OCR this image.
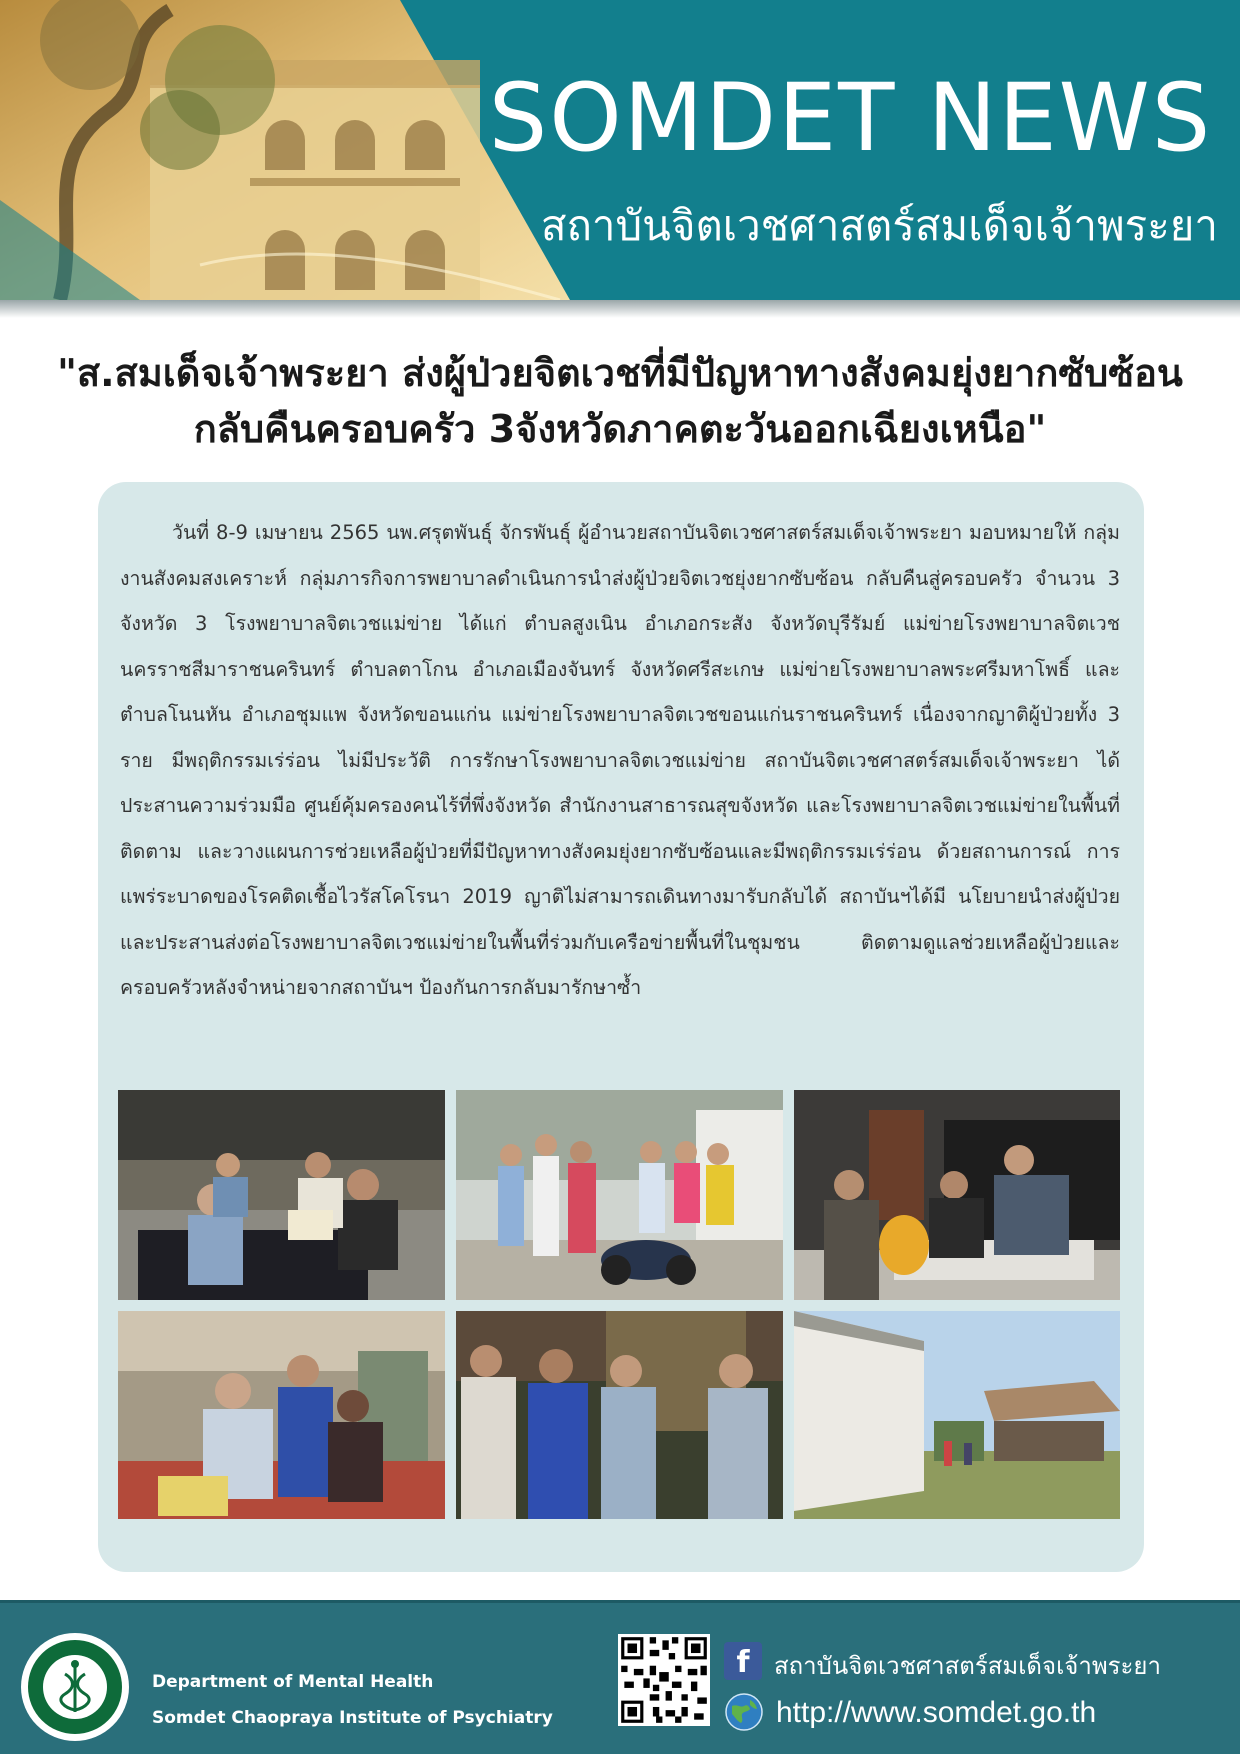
SOMDET NEWS
สถาบันจิตเวชศาสตร์สมเด็จเจ้าพระยา
"ส.สมเด็จเจ้าพระยา ส่งผู้ป่วยจิตเวชที่มีปัญหาทางสังคมยุ่งยากซับซ้อน
กลับคืนครอบครัว 3จังหวัดภาคตะวันออกเฉียงเหนือ"
วันที่ 8-9 เมษายน 2565 นพ.ศรุตพันธุ์ จักรพันธุ์ ผู้อำนวยสถาบันจิตเวชศาสตร์สมเด็จเจ้าพระยา มอบหมายให้ กลุ่มงานสังคมสงเคราะห์ กลุ่มภารกิจการพยาบาลดำเนินการนำส่งผู้ป่วยจิตเวชยุ่งยากซับซ้อน กลับคืนสู่ครอบครัว จำนวน 3 จังหวัด 3 โรงพยาบาลจิตเวชแม่ข่าย ได้แก่ ตำบลสูงเนิน อำเภอกระสัง จังหวัดบุรีรัมย์ แม่ข่ายโรงพยาบาลจิตเวชนครราชสีมาราชนครินทร์ ตำบลตาโกน อำเภอเมืองจันทร์ จังหวัดศรีสะเกษ แม่ข่ายโรงพยาบาลพระศรีมหาโพธิ์ และตำบลโนนหัน อำเภอชุมแพ จังหวัดขอนแก่น แม่ข่ายโรงพยาบาลจิตเวชขอนแก่นราชนครินทร์ เนื่องจากญาติผู้ป่วยทั้ง 3 ราย มีพฤติกรรมเร่ร่อน ไม่มีประวัติ การรักษาโรงพยาบาลจิตเวชแม่ข่าย สถาบันจิตเวชศาสตร์สมเด็จเจ้าพระยา ได้ประสานความร่วมมือ ศูนย์คุ้มครองคนไร้ที่พึ่งจังหวัด สำนักงานสาธารณสุขจังหวัด และโรงพยาบาลจิตเวชแม่ข่ายในพื้นที่ ติดตาม และวางแผนการช่วยเหลือผู้ป่วยที่มีปัญหาทางสังคมยุ่งยากซับซ้อนและมีพฤติกรรมเร่ร่อน ด้วยสถานการณ์ การแพร่ระบาดของโรคติดเชื้อไวรัสโคโรนา 2019 ญาติไม่สามารถเดินทางมารับกลับได้ สถาบันฯได้มี นโยบายนำส่งผู้ป่วยและประสานส่งต่อโรงพยาบาลจิตเวชแม่ข่ายในพื้นที่ร่วมกับเครือข่ายพื้นที่ในชุมชน ติดตามดูแลช่วยเหลือผู้ป่วยและครอบครัวหลังจำหน่ายจากสถาบันฯ ป้องกันการกลับมารักษาซ้ำ
Department of Mental Health
Somdet Chaopraya Institute of Psychiatry
f	สถาบันจิตเวชศาสตร์สมเด็จเจ้าพระยา
http://www.somdet.go.th
